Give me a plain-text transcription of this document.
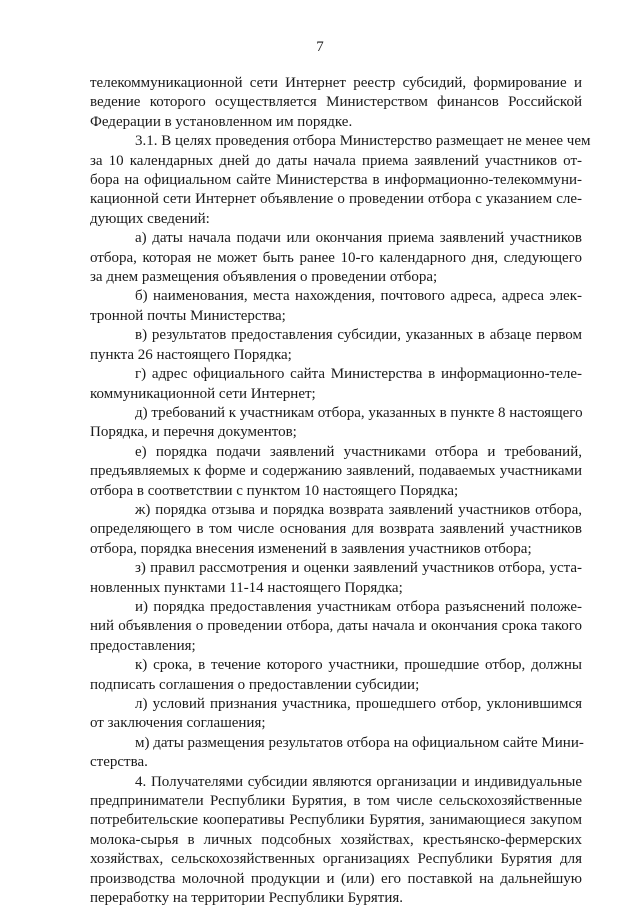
7
телекоммуникационной сети Интернет реестр субсидий, формирование и
ведение которого осуществляется Министерством финансов Российской
Федерации в установленном им порядке.
3.1. В целях проведения отбора Министерство размещает не менее чем
за 10 календарных дней до даты начала приема заявлений участников от-
бора на официальном сайте Министерства в информационно-телекоммуни-
кационной сети Интернет объявление о проведении отбора с указанием сле-
дующих сведений:
а) даты начала подачи или окончания приема заявлений участников
отбора, которая не может быть ранее 10-го календарного дня, следующего
за днем размещения объявления о проведении отбора;
б) наименования, места нахождения, почтового адреса, адреса элек-
тронной почты Министерства;
в) результатов предоставления субсидии, указанных в абзаце первом
пункта 26 настоящего Порядка;
г) адрес официального сайта Министерства в информационно-теле-
коммуникационной сети Интернет;
д) требований к участникам отбора, указанных в пункте 8 настоящего
Порядка, и перечня документов;
е) порядка подачи заявлений участниками отбора и требований,
предъявляемых к форме и содержанию заявлений, подаваемых участниками
отбора в соответствии с пунктом 10 настоящего Порядка;
ж) порядка отзыва и порядка возврата заявлений участников отбора,
определяющего в том числе основания для возврата заявлений участников
отбора, порядка внесения изменений в заявления участников отбора;
з) правил рассмотрения и оценки заявлений участников отбора, уста-
новленных пунктами 11-14 настоящего Порядка;
и) порядка предоставления участникам отбора разъяснений положе-
ний объявления о проведении отбора, даты начала и окончания срока такого
предоставления;
к) срока, в течение которого участники, прошедшие отбор, должны
подписать соглашения о предоставлении субсидии;
л) условий признания участника, прошедшего отбор, уклонившимся
от заключения соглашения;
м) даты размещения результатов отбора на официальном сайте Мини-
стерства.
4. Получателями субсидии являются организации и индивидуальные
предприниматели Республики Бурятия, в том числе сельскохозяйственные
потребительские кооперативы Республики Бурятия, занимающиеся закупом
молока-сырья в личных подсобных хозяйствах, крестьянско-фермерских
хозяйствах, сельскохозяйственных организациях Республики Бурятия для
производства молочной продукции и (или) его поставкой на дальнейшую
переработку на территории Республики Бурятия.
